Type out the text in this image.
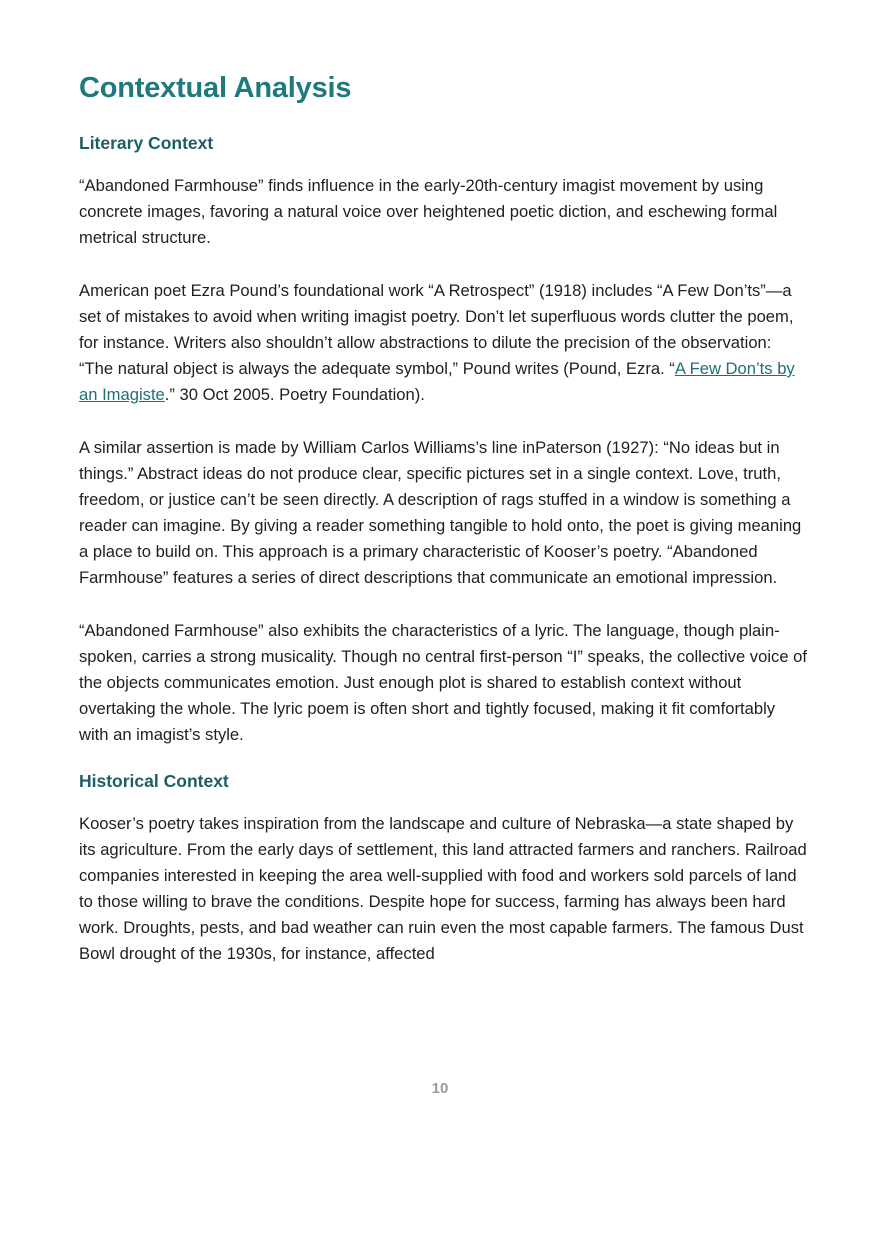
Contextual Analysis
Literary Context

“Abandoned Farmhouse” finds influence in the early-20th-century imagist movement by using concrete images, favoring a natural voice over heightened poetic diction, and eschewing formal metrical structure.

American poet Ezra Pound’s foundational work “A Retrospect” (1918) includes “A Few Don’ts”—a set of mistakes to avoid when writing imagist poetry. Don’t let superfluous words clutter the poem, for instance. Writers also shouldn’t allow abstractions to dilute the precision of the observation: “The natural object is always the adequate symbol,” Pound writes (Pound, Ezra. “A Few Don’ts by an Imagiste.” 30 Oct 2005. Poetry Foundation).

A similar assertion is made by William Carlos Williams’s line inPaterson (1927): “No ideas but in things.” Abstract ideas do not produce clear, specific pictures set in a single context. Love, truth, freedom, or justice can’t be seen directly. A description of rags stuffed in a window is something a reader can imagine. By giving a reader something tangible to hold onto, the poet is giving meaning a place to build on. This approach is a primary characteristic of Kooser’s poetry. “Abandoned Farmhouse” features a series of direct descriptions that communicate an emotional impression.

“Abandoned Farmhouse” also exhibits the characteristics of a lyric. The language, though plain-spoken, carries a strong musicality. Though no central first-person “I” speaks, the collective voice of the objects communicates emotion. Just enough plot is shared to establish context without overtaking the whole. The lyric poem is often short and tightly focused, making it fit comfortably with an imagist’s style.

Historical Context

Kooser’s poetry takes inspiration from the landscape and culture of Nebraska—a state shaped by its agriculture. From the early days of settlement, this land attracted farmers and ranchers. Railroad companies interested in keeping the area well-supplied with food and workers sold parcels of land to those willing to brave the conditions. Despite hope for success, farming has always been hard work. Droughts, pests, and bad weather can ruin even the most capable farmers. The famous Dust Bowl drought of the 1930s, for instance, affected

10
